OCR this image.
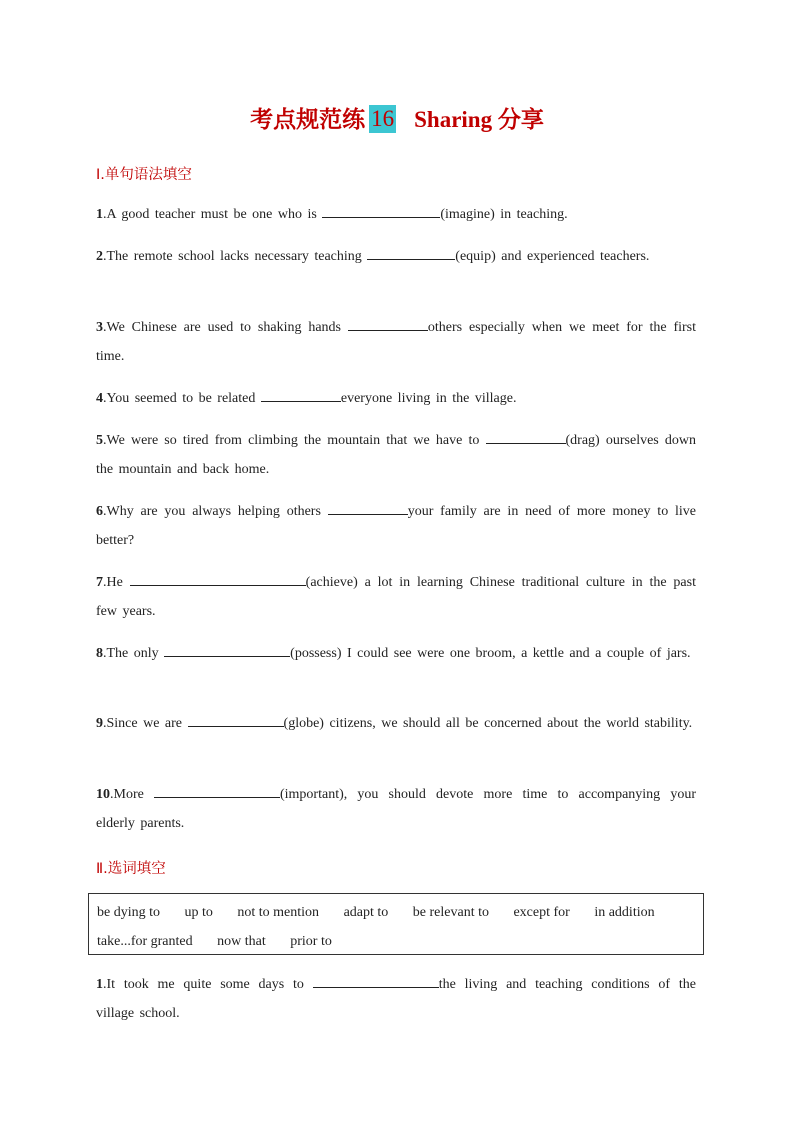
考点规范练 16 Sharing 分享
Ⅰ.单句语法填空
1.A good teacher must be one who is	(imagine) in teaching.
2.The remote school lacks necessary teaching	(equip) and experienced teachers.
3.We Chinese are used to shaking hands	others especially when we meet for the first time.
4.You seemed to be related	everyone living in the village.
5.We were so tired from climbing the mountain that we have to	(drag) ourselves down the mountain and back home.
6.Why are you always helping others	your family are in need of more money to live better?
7.He	(achieve) a lot in learning Chinese traditional culture in the past few years.
8.The only	(possess) I could see were one broom, a kettle and a couple of jars.
9.Since we are	(globe) citizens, we should all be concerned about the world stability.
10.More	(important), you should devote more time to accompanying your elderly parents.
Ⅱ.选词填空
be dying to up to not to mention adapt to be relevant to except for in addition
take...for granted now that prior to
1.It took me quite some days to	the living and teaching conditions of the village school.
